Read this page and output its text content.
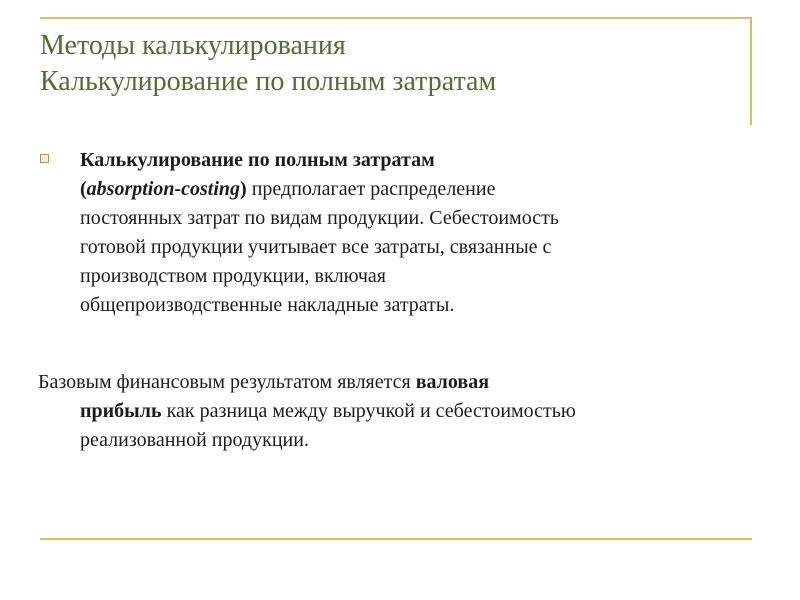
Методы калькулирования
Калькулирование по полным затратам

Калькулирование по полным затратам
(absorption-costing) предполагает распределение
постоянных затрат по видам продукции. Себестоимость
готовой продукции учитывает все затраты, связанные с
производством продукции, включая
общепроизводственные накладные затраты.

Базовым финансовым результатом является валовая
прибыль как разница между выручкой и себестоимостью
реализованной продукции.
